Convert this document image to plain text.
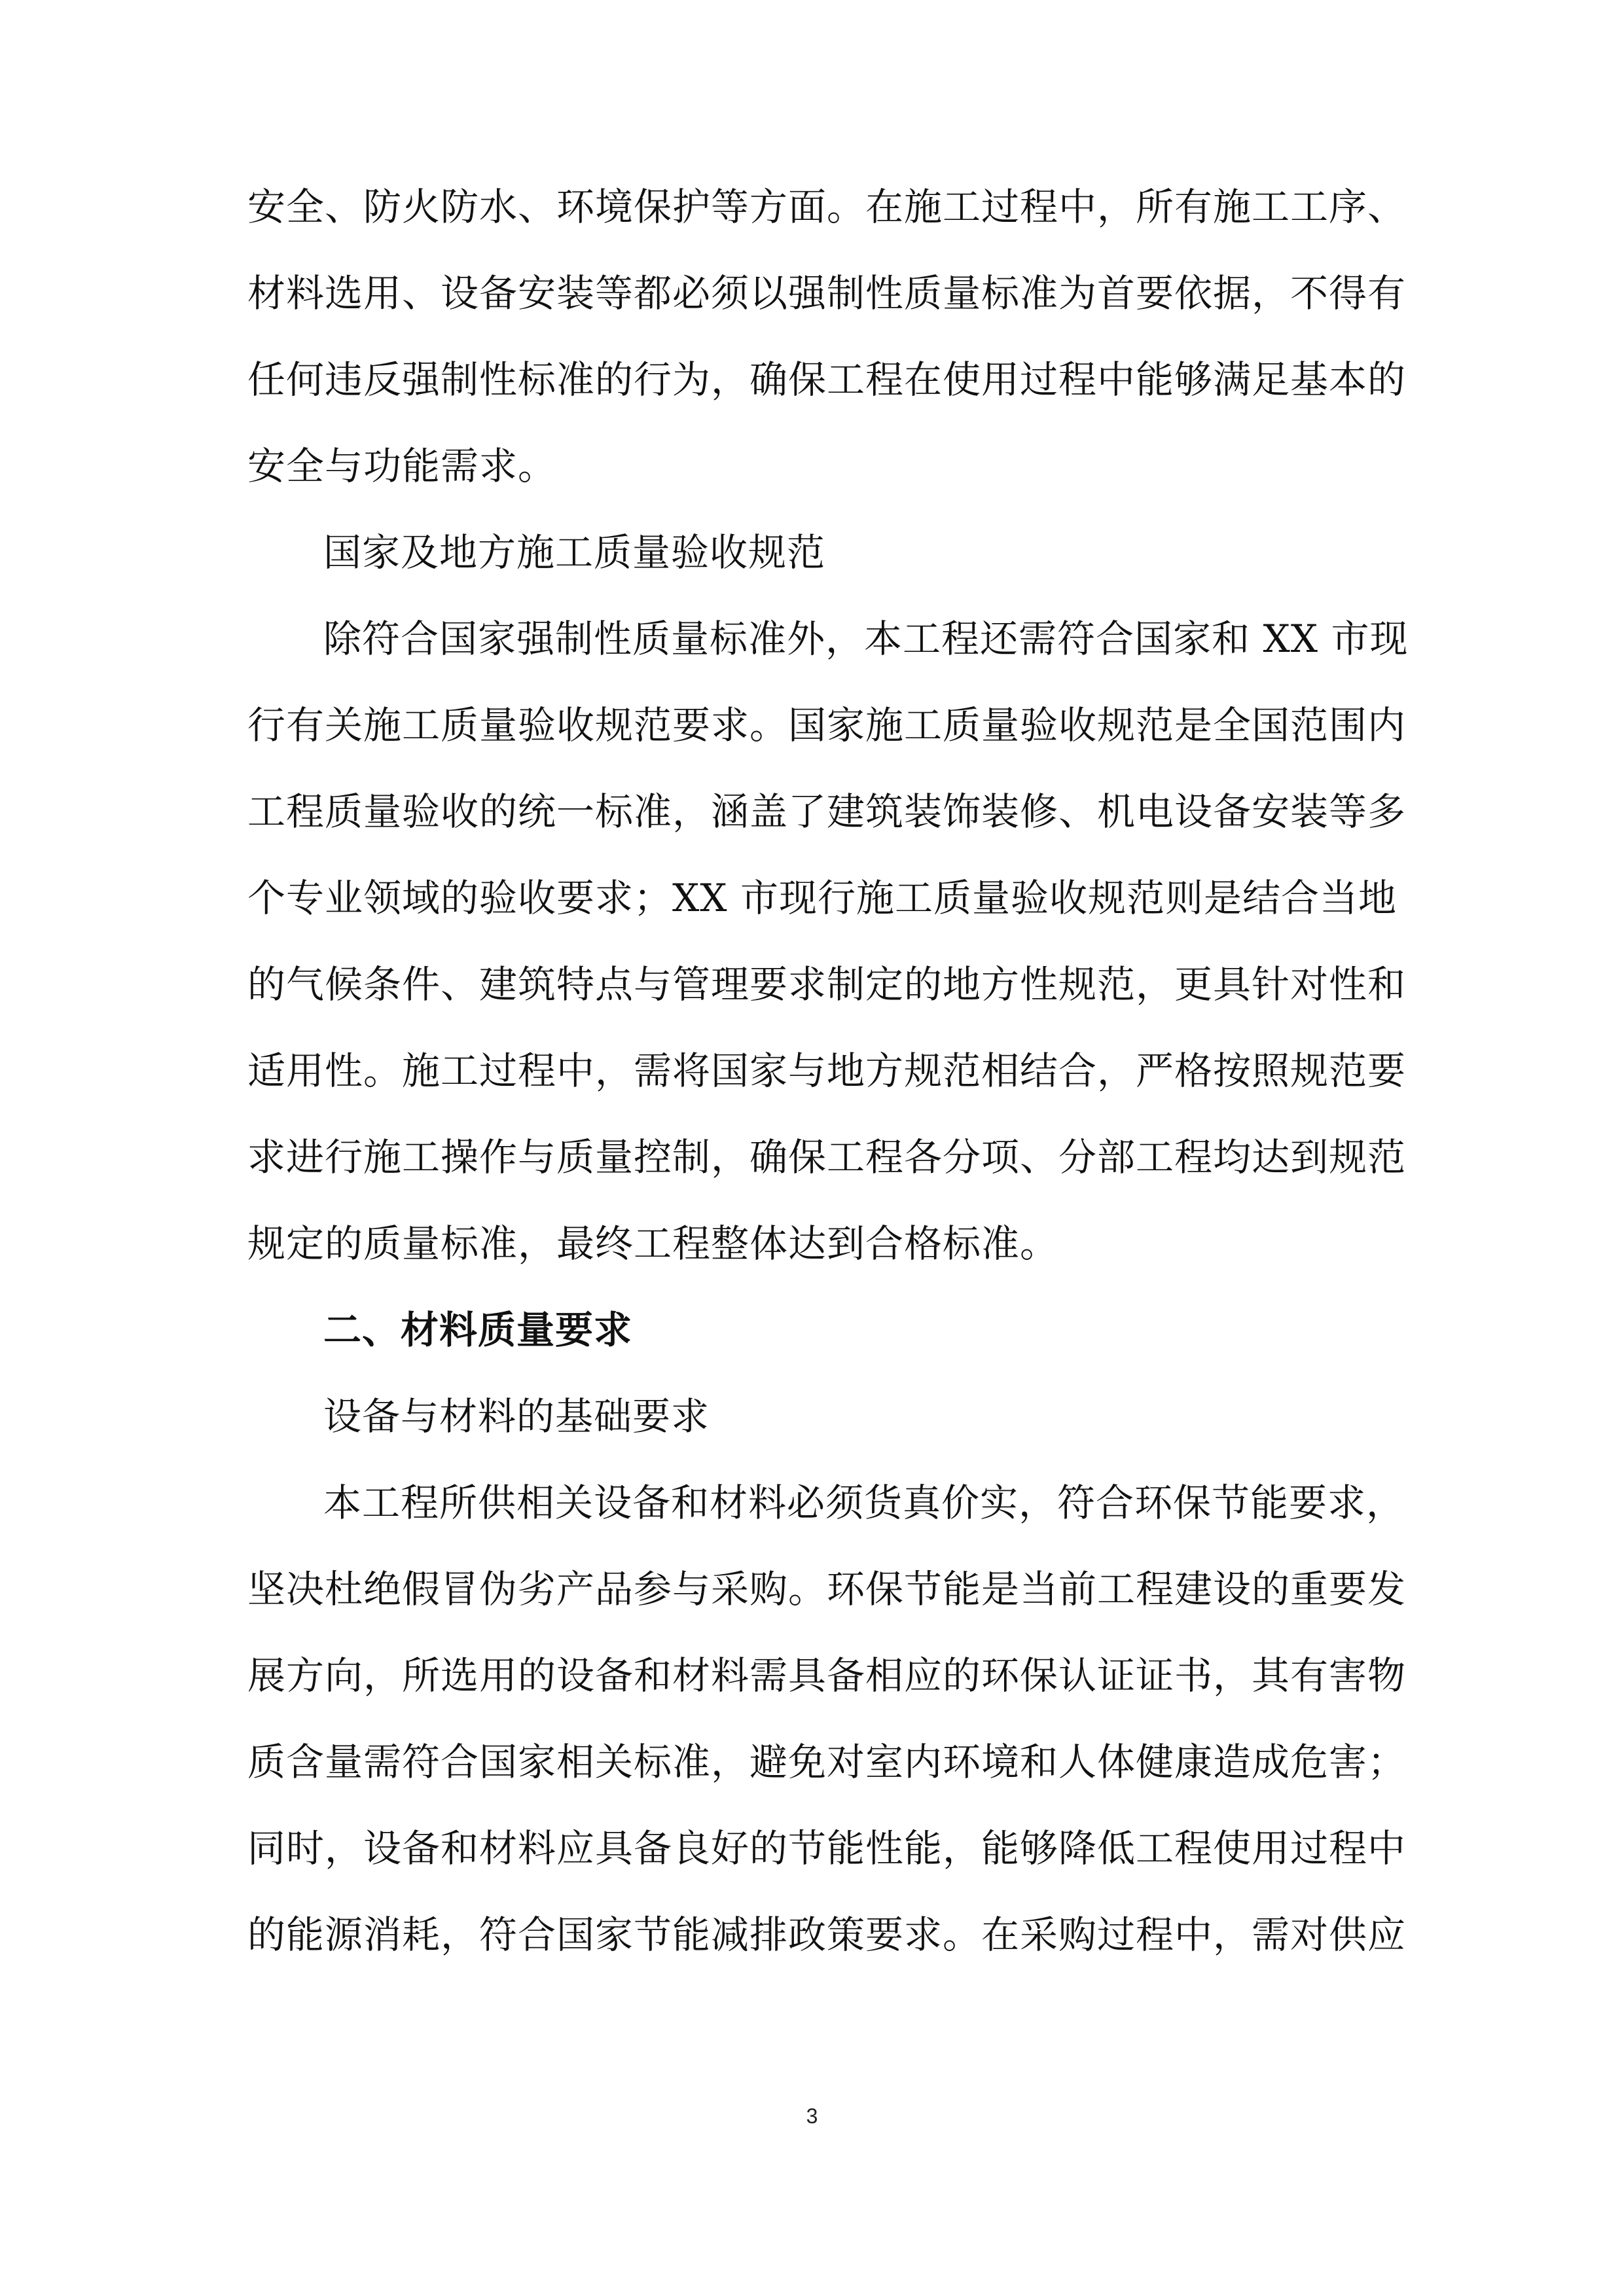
安全、防火防水、环境保护等方面。在施工过程中，所有施工工序、
材料选用、设备安装等都必须以强制性质量标准为首要依据，不得有
任何违反强制性标准的行为，确保工程在使用过程中能够满足基本的
安全与功能需求。
国家及地方施工质量验收规范
除符合国家强制性质量标准外，本工程还需符合国家和 XX 市现
行有关施工质量验收规范要求。国家施工质量验收规范是全国范围内
工程质量验收的统一标准，涵盖了建筑装饰装修、机电设备安装等多
个专业领域的验收要求；XX 市现行施工质量验收规范则是结合当地
的气候条件、建筑特点与管理要求制定的地方性规范，更具针对性和
适用性。施工过程中，需将国家与地方规范相结合，严格按照规范要
求进行施工操作与质量控制，确保工程各分项、分部工程均达到规范
规定的质量标准，最终工程整体达到合格标准。
二、材料质量要求
设备与材料的基础要求
本工程所供相关设备和材料必须货真价实，符合环保节能要求，
坚决杜绝假冒伪劣产品参与采购。环保节能是当前工程建设的重要发
展方向，所选用的设备和材料需具备相应的环保认证证书，其有害物
质含量需符合国家相关标准，避免对室内环境和人体健康造成危害；
同时，设备和材料应具备良好的节能性能，能够降低工程使用过程中
的能源消耗，符合国家节能减排政策要求。在采购过程中，需对供应
3
